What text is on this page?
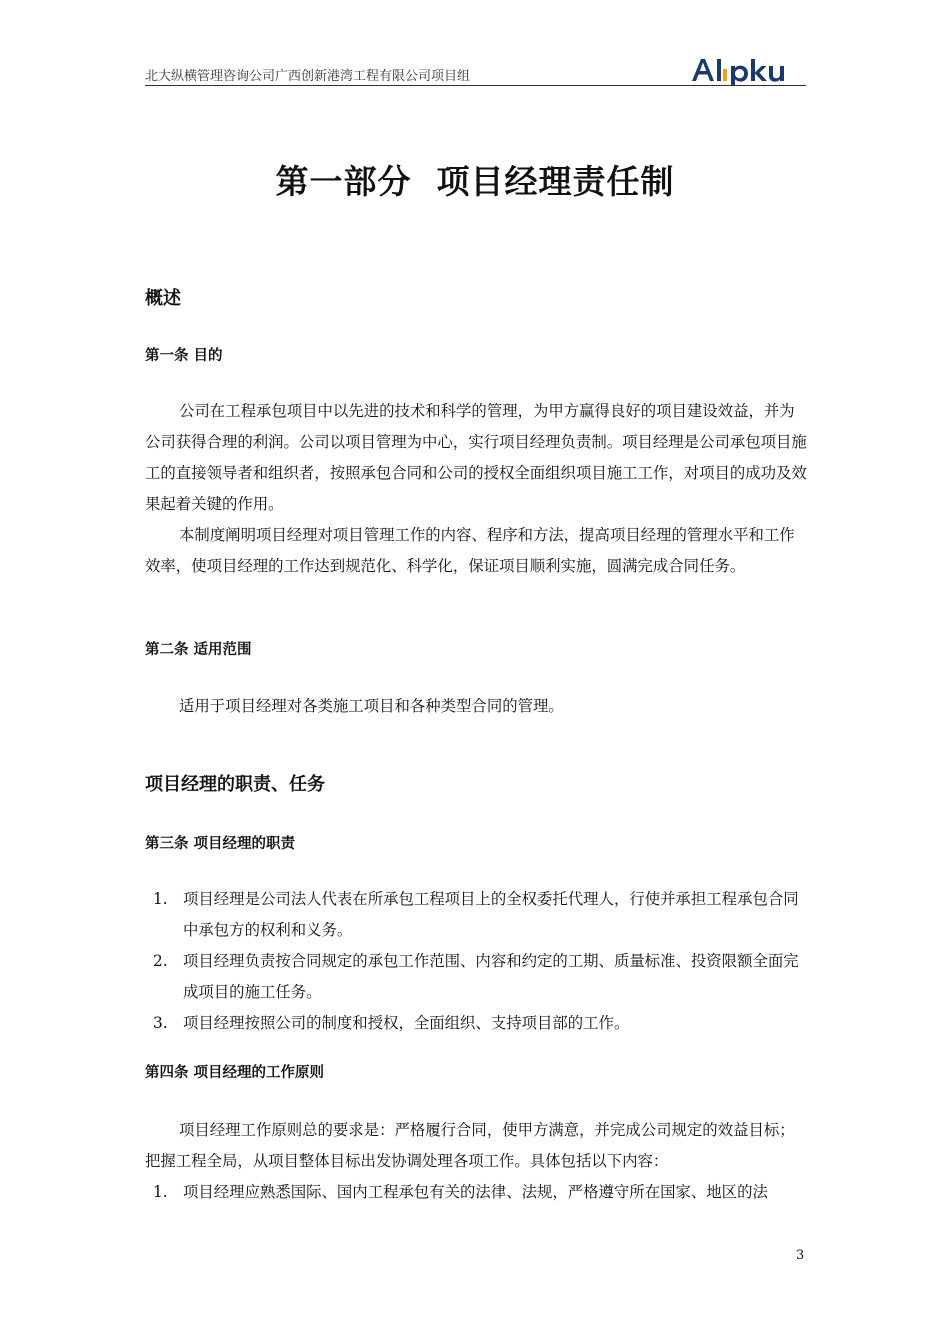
北大纵横管理咨询公司广西创新港湾工程有限公司项目组
第一部分  项目经理责任制
概述
第一条 目的
公司在工程承包项目中以先进的技术和科学的管理，为甲方赢得良好的项目建设效益，并为公司获得合理的利润。公司以项目管理为中心，实行项目经理负责制。项目经理是公司承包项目施工的直接领导者和组织者，按照承包合同和公司的授权全面组织项目施工工作，对项目的成功及效果起着关键的作用。
本制度阐明项目经理对项目管理工作的内容、程序和方法，提高项目经理的管理水平和工作效率，使项目经理的工作达到规范化、科学化，保证项目顺利实施，圆满完成合同任务。
第二条 适用范围
适用于项目经理对各类施工项目和各种类型合同的管理。
项目经理的职责、任务
第三条 项目经理的职责
1. 项目经理是公司法人代表在所承包工程项目上的全权委托代理人，行使并承担工程承包合同中承包方的权利和义务。
2. 项目经理负责按合同规定的承包工作范围、内容和约定的工期、质量标准、投资限额全面完成项目的施工任务。
3. 项目经理按照公司的制度和授权，全面组织、支持项目部的工作。
第四条 项目经理的工作原则
项目经理工作原则总的要求是：严格履行合同，使甲方满意，并完成公司规定的效益目标；把握工程全局，从项目整体目标出发协调处理各项工作。具体包括以下内容：
1. 项目经理应熟悉国际、国内工程承包有关的法律、法规，严格遵守所在国家、地区的法
3
